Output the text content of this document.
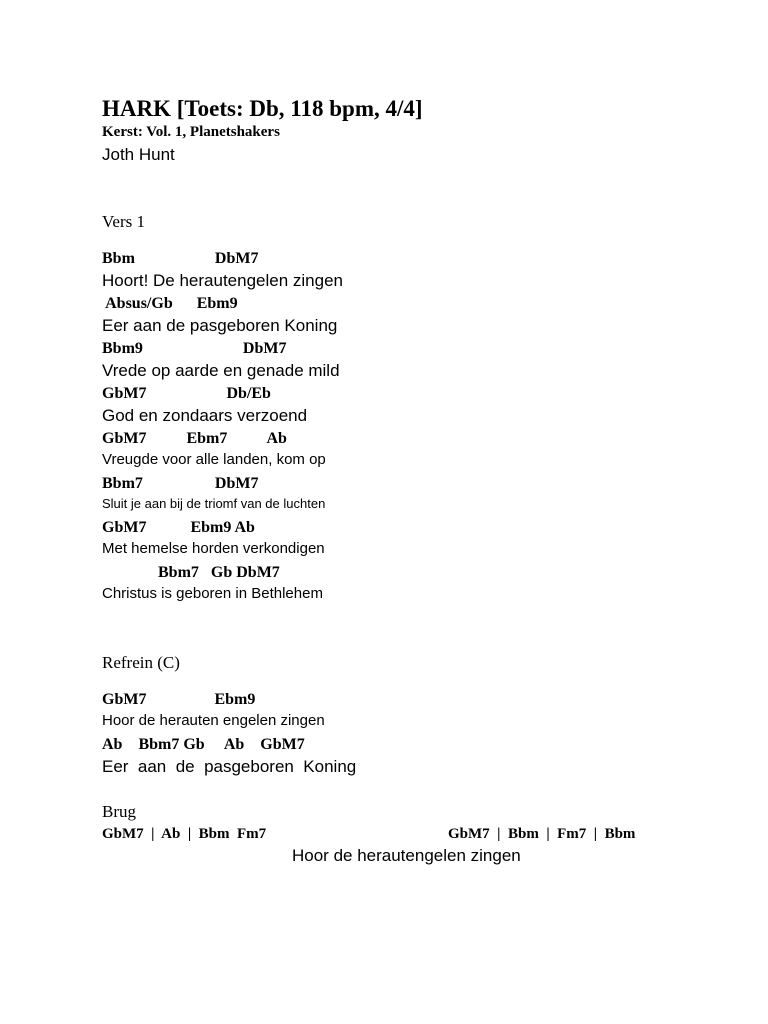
HARK [Toets: Db, 118 bpm, 4/4]
Kerst: Vol. 1, Planetshakers
Joth Hunt
Vers 1
Bbm                    DbM7
Hoort! De herautengelen zingen
Absus/Gb      Ebm9
Eer aan de pasgeboren Koning
Bbm9                         DbM7
Vrede op aarde en genade mild
GbM7                    Db/Eb
God en zondaars verzoend
GbM7          Ebm7          Ab
Vreugde voor alle landen, kom op
Bbm7                  DbM7
Sluit je aan bij de triomf van de luchten
GbM7           Ebm9 Ab
Met hemelse horden verkondigen
Bbm7   Gb DbM7
Christus is geboren in Bethlehem
Refrein (C)
GbM7                 Ebm9
Hoor de herauten engelen zingen
Ab    Bbm7 Gb     Ab    GbM7
Eer  aan  de  pasgeboren  Koning
Brug
GbM7  |  Ab  |  Bbm  Fm7	GbM7  |  Bbm  |  Fm7  |  Bbm
Hoor de herautengelen zingen
